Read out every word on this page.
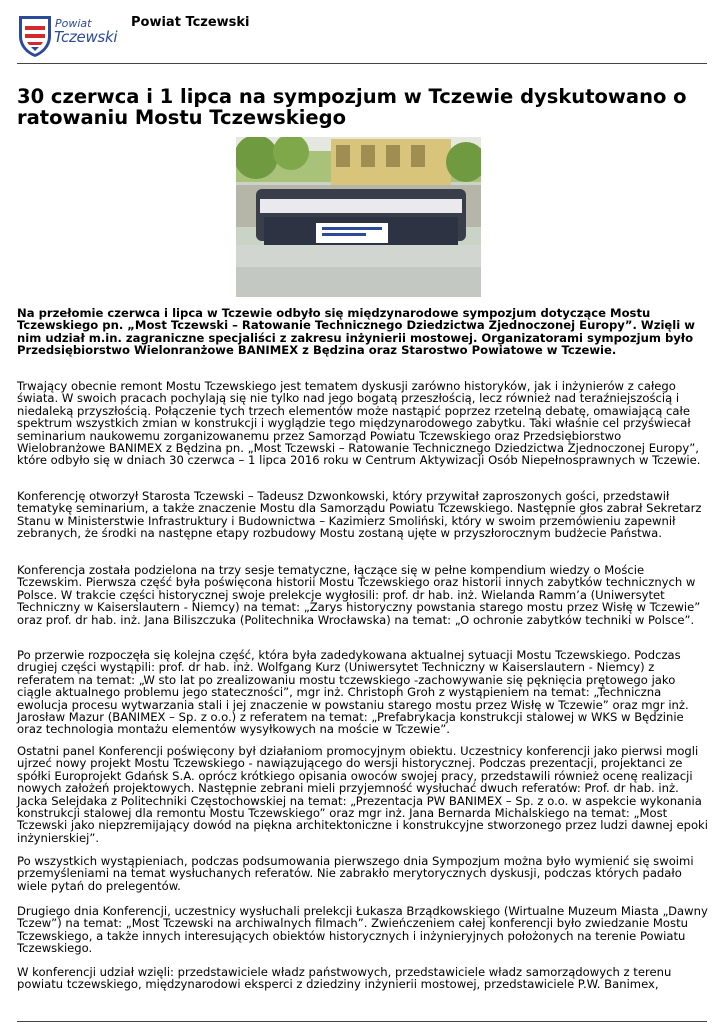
Powiat
Tczewski
Powiat Tczewski
30 czerwca i 1 lipca na sympozjum w Tczewie dyskutowano o ratowaniu Mostu Tczewskiego

Na przełomie czerwca i lipca w Tczewie odbyło się międzynarodowe sympozjum dotyczące Mostu Tczewskiego pn. „Most Tczewski – Ratowanie Technicznego Dziedzictwa Zjednoczonej Europy”. Wzięli w nim udział m.in. zagraniczne specjaliści z zakresu inżynierii mostowej. Organizatorami sympozjum było Przedsiębiorstwo Wielonranżowe BANIMEX z Będzina oraz Starostwo Powiatowe w Tczewie.

Trwający obecnie remont Mostu Tczewskiego jest tematem dyskusji zarówno historyków, jak i inżynierów z całego świata. W swoich pracach pochylają się nie tylko nad jego bogatą przeszłością, lecz również nad teraźniejszością i niedaleką przyszłością. Połączenie tych trzech elementów może nastąpić poprzez rzetelną debatę, omawiającą całe spektrum wszystkich zmian w konstrukcji i wyglądzie tego międzynarodowego zabytku. Taki właśnie cel przyświecał seminarium naukowemu zorganizowanemu przez Samorząd Powiatu Tczewskiego oraz Przedsiębiorstwo Wielobranżowe BANIMEX z Będzina pn. „Most Tczewski – Ratowanie Technicznego Dziedzictwa Zjednoczonej Europy”, które odbyło się w dniach 30 czerwca – 1 lipca 2016 roku w Centrum Aktywizacji Osób Niepełnosprawnych w Tczewie.

Konferencję otworzył Starosta Tczewski – Tadeusz Dzwonkowski, który przywitał zaproszonych gości, przedstawił tematykę seminarium, a także znaczenie Mostu dla Samorządu Powiatu Tczewskiego. Następnie głos zabrał Sekretarz Stanu w Ministerstwie Infrastruktury i Budownictwa – Kazimierz Smoliński, który w swoim przemówieniu zapewnił zebranych, że środki na następne etapy rozbudowy Mostu zostaną ujęte w przyszłorocznym budżecie Państwa.

Konferencja została podzielona na trzy sesje tematyczne, łączące się w pełne kompendium wiedzy o Moście Tczewskim. Pierwsza część była poświęcona historii Mostu Tczewskiego oraz historii innych zabytków technicznych w Polsce. W trakcie części historycznej swoje prelekcje wygłosili: prof. dr hab. inż. Wielanda Ramm’a (Uniwersytet Techniczny w Kaiserslautern - Niemcy) na temat: „Zarys historyczny powstania starego mostu przez Wisłę w Tczewie” oraz prof. dr hab. inż. Jana Biliszczuka (Politechnika Wrocławska) na temat: „O ochronie zabytków techniki w Polsce”.

Po przerwie rozpoczęła się kolejna część, która była zadedykowana aktualnej sytuacji Mostu Tczewskiego. Podczas drugiej części wystąpili: prof. dr hab. inż. Wolfgang Kurz (Uniwersytet Techniczny w Kaiserslautern - Niemcy) z referatem na temat: „W sto lat po zrealizowaniu mostu tczewskiego -zachowywanie się pęknięcia prętowego jako ciągle aktualnego problemu jego stateczności”, mgr inż. Christoph Groh z wystąpieniem na temat: „Techniczna ewolucja procesu wytwarzania stali i jej znaczenie w powstaniu starego mostu przez Wisłę w Tczewie” oraz mgr inż. Jarosław Mazur (BANIMEX – Sp. z o.o.) z referatem na temat: „Prefabrykacja konstrukcji stalowej w WKS w Będzinie oraz technologia montażu elementów wysyłkowych na moście w Tczewie”.

Ostatni panel Konferencji poświęcony był działaniom promocyjnym obiektu. Uczestnicy konferencji jako pierwsi mogli ujrzeć nowy projekt Mostu Tczewskiego - nawiązującego do wersji historycznej. Podczas prezentacji, projektanci ze spółki Europrojekt Gdańsk S.A. oprócz krótkiego opisania owoców swojej pracy, przedstawili również ocenę realizacji nowych założeń projektowych. Następnie zebrani mieli przyjemność wysłuchać dwuch referatów: Prof. dr hab. inż. Jacka Selejdaka z Politechniki Częstochowskiej na temat: „Prezentacja PW BANIMEX – Sp. z o.o. w aspekcie wykonania konstrukcji stalowej dla remontu Mostu Tczewskiego” oraz mgr inż. Jana Bernarda Michalskiego na temat: „Most Tczewski jako niepzremijający dowód na piękna architektoniczne i konstrukcyjne stworzonego przez ludzi dawnej epoki inżynierskiej”.

Po wszystkich wystąpieniach, podczas podsumowania pierwszego dnia Sympozjum można było wymienić się swoimi przemyśleniami na temat wysłuchanych referatów. Nie zabrakło merytorycznych dyskusji, podczas których padało wiele pytań do prelegentów.

Drugiego dnia Konferencji, uczestnicy wysłuchali prelekcji Łukasza Brządkowskiego (Wirtualne Muzeum Miasta „Dawny Tczew”) na temat: „Most Tczewski na archiwalnych filmach”. Zwieńczeniem całej konferencji było zwiedzanie Mostu Tczewskiego, a także innych interesujących obiektów historycznych i inżynieryjnych położonych na terenie Powiatu Tczewskiego.

W konferencji udział wzięli: przedstawiciele władz państwowych, przedstawiciele władz samorządowych z terenu powiatu tczewskiego, międzynarodowi eksperci z dziedziny inżynierii mostowej, przedstawiciele P.W. Banimex,
